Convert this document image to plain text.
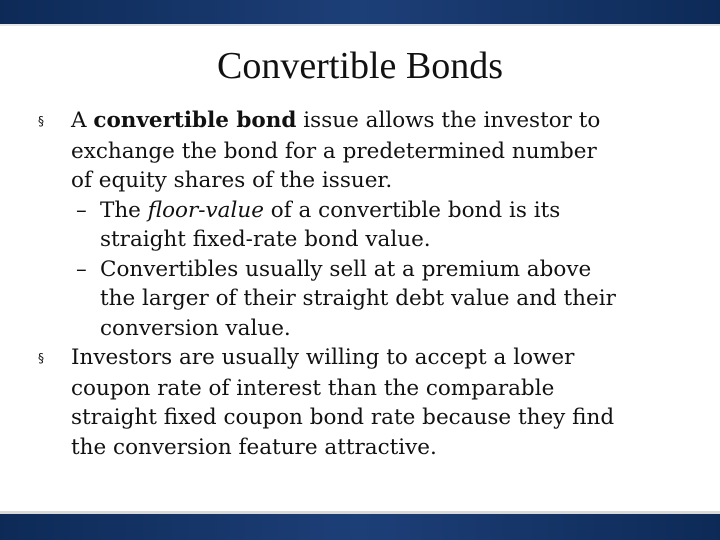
Convertible Bonds
§ A convertible bond issue allows the investor to
exchange the bond for a predetermined number
of equity shares of the issuer.
– The floor-value of a convertible bond is its
straight fixed-rate bond value.
– Convertibles usually sell at a premium above
the larger of their straight debt value and their
conversion value.
§ Investors are usually willing to accept a lower
coupon rate of interest than the comparable
straight fixed coupon bond rate because they find
the conversion feature attractive.
